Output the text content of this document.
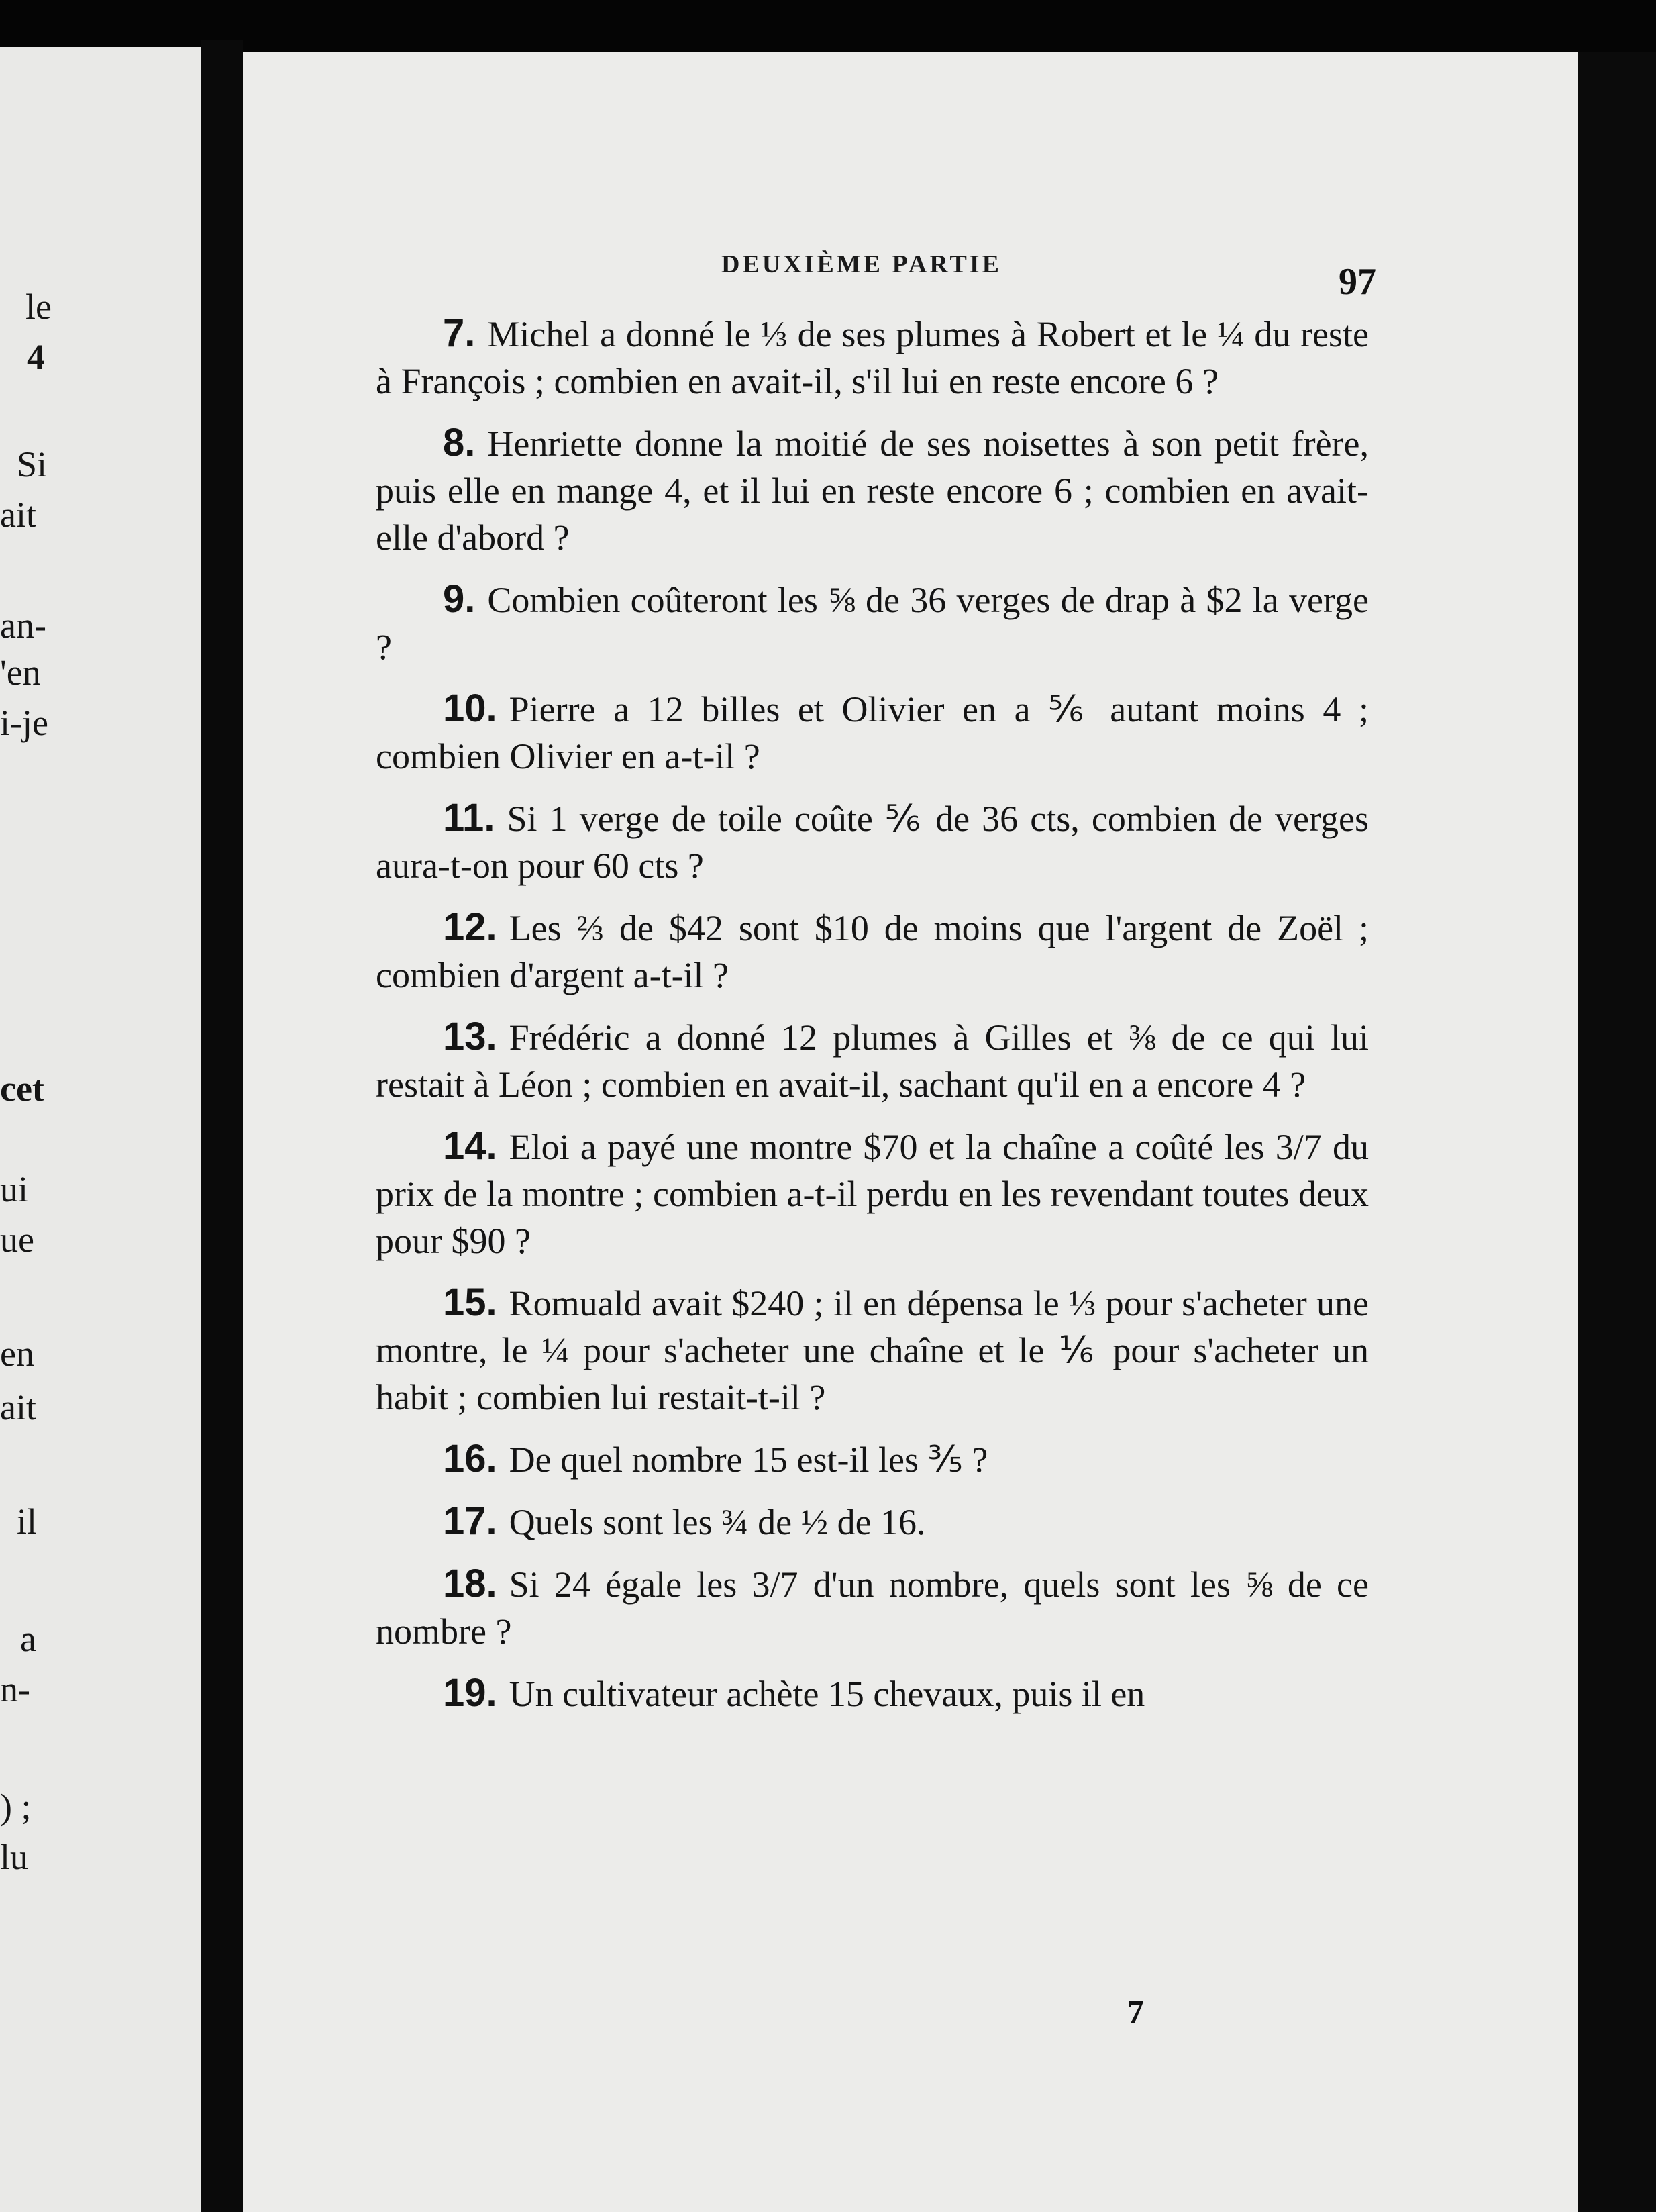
le
4
Si
ait
an-
'en
i-je
cet
ui
ue
en
ait
il
a
n-
) ;
lu
DEUXIÈME PARTIE	97

7. Michel a donné le ⅓ de ses plumes à Robert et le ¼ du reste à François ; combien en avait-il, s'il lui en reste encore 6 ?

8. Henriette donne la moitié de ses noisettes à son petit frère, puis elle en mange 4, et il lui en reste encore 6 ; combien en avait-elle d'abord ?

9. Combien coûteront les ⅝ de 36 verges de drap à $2 la verge ?

10. Pierre a 12 billes et Olivier en a ⅚ autant moins 4 ; combien Olivier en a-t-il ?

11. Si 1 verge de toile coûte ⅚ de 36 cts, combien de verges aura-t-on pour 60 cts ?

12. Les ⅔ de $42 sont $10 de moins que l'argent de Zoël ; combien d'argent a-t-il ?

13. Frédéric a donné 12 plumes à Gilles et ⅜ de ce qui lui restait à Léon ; combien en avait-il, sachant qu'il en a encore 4 ?

14. Eloi a payé une montre $70 et la chaîne a coûté les 3/7 du prix de la montre ; combien a-t-il perdu en les revendant toutes deux pour $90 ?

15. Romuald avait $240 ; il en dépensa le ⅓ pour s'acheter une montre, le ¼ pour s'acheter une chaîne et le ⅙ pour s'acheter un habit ; combien lui restait-t-il ?

16. De quel nombre 15 est-il les ⅗ ?

17. Quels sont les ¾ de ½ de 16.

18. Si 24 égale les 3/7 d'un nombre, quels sont les ⅝ de ce nombre ?

19. Un cultivateur achète 15 chevaux, puis il en

7
